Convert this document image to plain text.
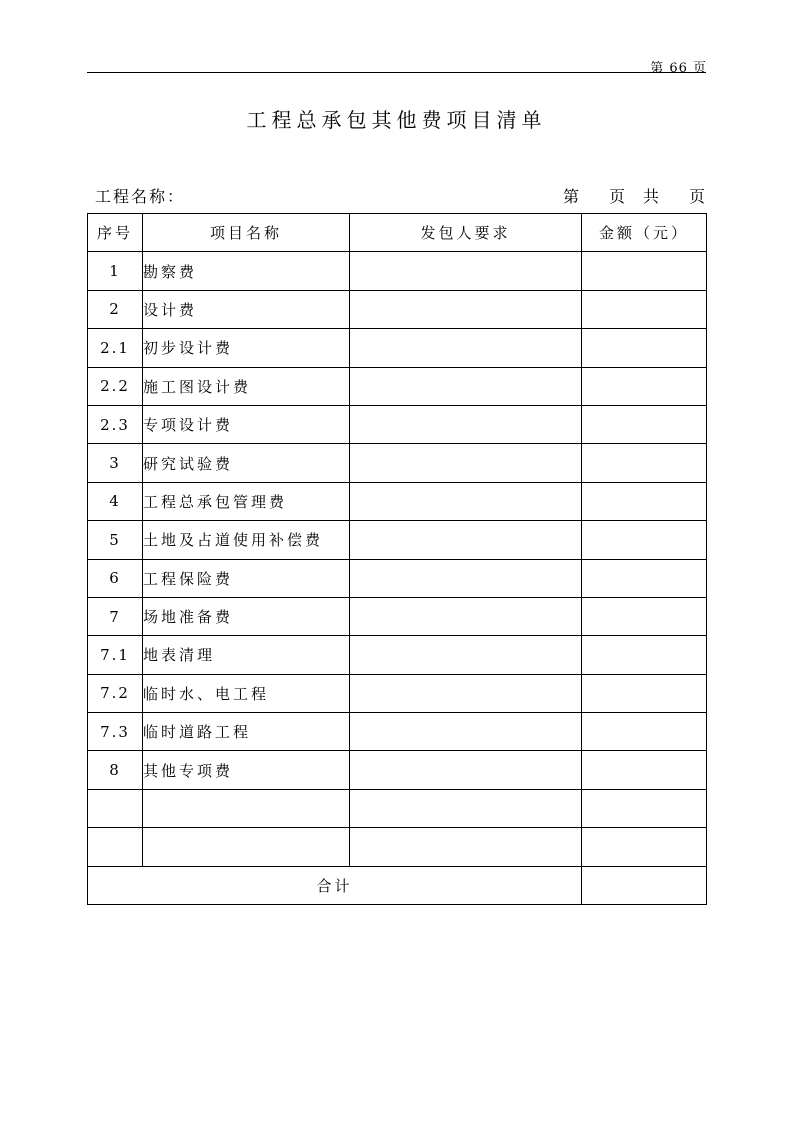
第 66 页
工程总承包其他费项目清单
工程名称：	第 页 共 页
序号	项目名称	发包人要求	金额（元）
1	勘察费		
2	设计费		
2.1	初步设计费		
2.2	施工图设计费		
2.3	专项设计费		
3	研究试验费		
4	工程总承包管理费		
5	土地及占道使用补偿费		
6	工程保险费		
7	场地准备费		
7.1	地表清理		
7.2	临时水、电工程		
7.3	临时道路工程		
8	其他专项费		

合计			
